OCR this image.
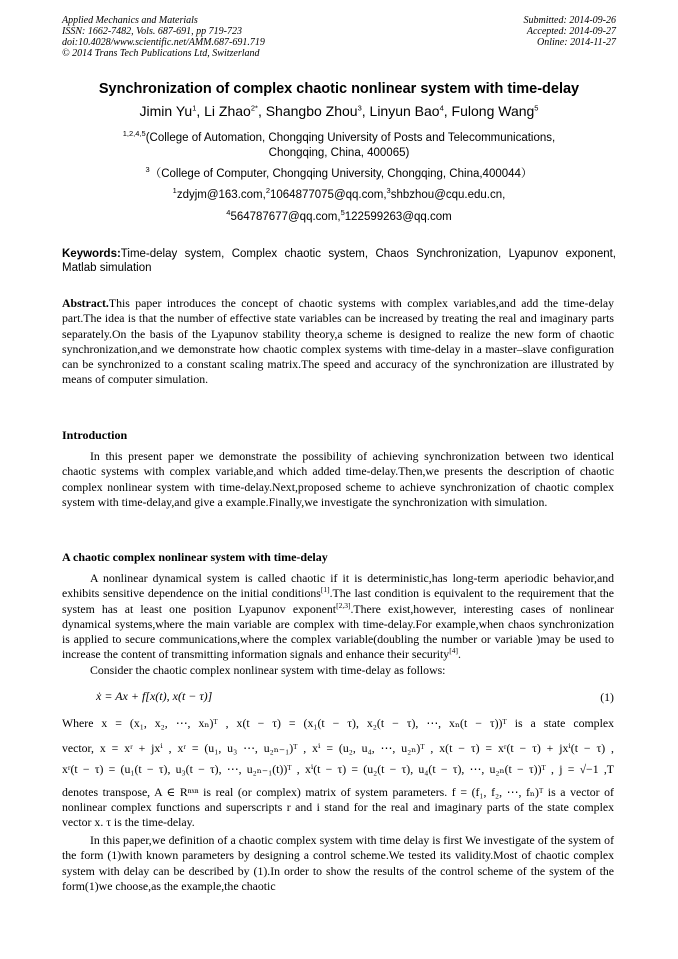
Applied Mechanics and Materials
ISSN: 1662-7482, Vols. 687-691, pp 719-723
doi:10.4028/www.scientific.net/AMM.687-691.719
© 2014 Trans Tech Publications Ltd, Switzerland
Submitted: 2014-09-26
Accepted: 2014-09-27
Online: 2014-11-27
Synchronization of complex chaotic nonlinear system with time-delay
Jimin Yu$^1$, Li Zhao$^{2*}$, Shangbo Zhou$^3$, Linyun Bao$^4$, Fulong Wang$^5$
$^{1,2,4,5}$(College of Automation, Chongqing University of Posts and Telecommunications,
Chongqing, China, 400065)
$^3$（College of Computer, Chongqing University, Chongqing, China,400044）
$^1$zdyjm@163.com,$^2$1064877075@qq.com,$^3$shbzhou@cqu.edu.cn,
$^4$564787677@qq.com,$^5$122599263@qq.com
Keywords:Time-delay system, Complex chaotic system, Chaos Synchronization, Lyapunov exponent, Matlab simulation
Abstract.This paper introduces the concept of chaotic systems with complex variables,and add the time-delay part.The idea is that the number of effective state variables can be increased by treating the real and imaginary parts separately.On the basis of the Lyapunov stability theory,a scheme is designed to realize the new form of chaotic synchronization,and we demonstrate how chaotic complex systems with time-delay in a master–slave configuration can be synchronized to a constant scaling matrix.The speed and accuracy of the synchronization are illustrated by means of computer simulation.
Introduction
In this present paper we demonstrate the possibility of achieving synchronization between two identical chaotic systems with complex variable,and which added time-delay.Then,we presents the description of chaotic complex nonlinear system with time-delay.Next,proposed scheme to achieve synchronization of chaotic complex system with time-delay,and give a example.Finally,we investigate the synchronization with simulation.
A chaotic complex nonlinear system with time-delay
A nonlinear dynamical system is called chaotic if it is deterministic,has long-term aperiodic behavior,and exhibits sensitive dependence on the initial conditions[1].The last condition is equivalent to the requirement that the system has at least one position Lyapunov exponent[2,3].There exist,however, interesting cases of nonlinear dynamical systems,where the main variable are complex with time-delay.For example,when chaos synchronization is applied to secure communications,where the complex variable(doubling the number or variable )may be used to increase the content of transmitting information signals and enhance their security[4].
Consider the chaotic complex nonlinear system with time-delay as follows:
ẋ = Ax + f[x(t), x(t − τ)]	(1)
Where x = (x₁, x₂, ⋯, xₙ)ᵀ , x(t − τ) = (x₁(t − τ), x₂(t − τ), ⋯, xₙ(t − τ))ᵀ is a state complex
vector, x = xʳ + jxⁱ , xʳ = (u₁, u₃ ⋯, u₂ₙ₋₁)ᵀ , xⁱ = (u₂, u₄, ⋯, u₂ₙ)ᵀ , x(t − τ) = xʳ(t − τ) + jxⁱ(t − τ) ,
xʳ(t − τ) = (u₁(t − τ), u₃(t − τ), ⋯, u₂ₙ₋₁(t))ᵀ , xⁱ(t − τ) = (u₂(t − τ), u₄(t − τ), ⋯, u₂ₙ(t − τ))ᵀ , j = √−1 ,T
denotes transpose, A ∈ Rⁿˣⁿ is real (or complex) matrix of system parameters. f = (f₁, f₂, ⋯, fₙ)ᵀ is a vector of nonlinear complex functions and superscripts r and i stand for the real and imaginary parts of the state complex vector x. τ is the time-delay.
In this paper,we definition of a chaotic complex system with time delay is first We investigate of the system of the form (1)with known parameters by designing a control scheme.We tested its validity.Most of chaotic complex system with delay can be described by (1).In order to show the results of the control scheme of the system of the form(1)we choose,as the example,the chaotic
